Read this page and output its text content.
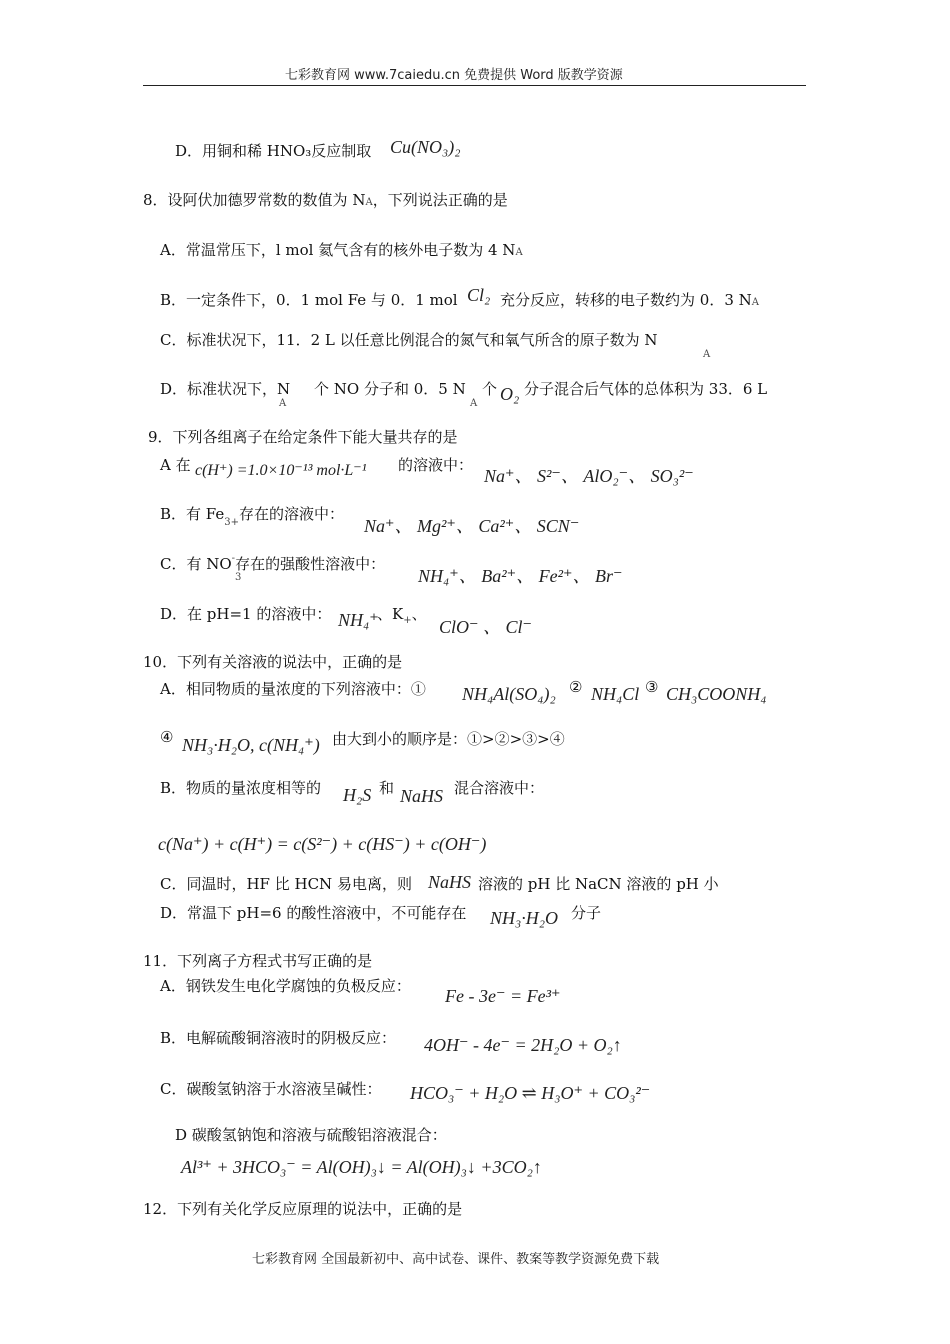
七彩教育网 www.7caiedu.cn 免费提供 Word 版教学资源
D．用铜和稀 HNO₃反应制取 Cu(NO₃)₂
8．设阿伏加德罗常数的数值为 NA，下列说法正确的是
A．常温常压下，l mol 氦气含有的核外电子数为 4 NA
B．一定条件下，0．1 mol Fe 与 0．1 mol Cl₂ 充分反应，转移的电子数约为 0．3 NA
C．标准状况下，11．2 L 以任意比例混合的氮气和氧气所含的原子数为 N
A
D．标准状况下，N
A
个 NO 分子和 0．5 N
A
个 O₂ 分子混合后气体的总体积为 33．6 L
9．下列各组离子在给定条件下能大量共存的是
A 在 c(H⁺) =1.0×10⁻¹³ mol·L⁻¹ 的溶液中：
Na⁺、 S²⁻、 AlO₂⁻、 SO₃²⁻
B．有 $Fe_{3+}$存在的溶液中：
Na⁺、 Mg²⁺、 Ca²⁺、 SCN⁻
C．有 NO-存在的强酸性溶液中：
3	NH₄⁺、 Ba²⁺、 Fe²⁺、 Br⁻
D．在 pH=1 的溶液中： NH₄⁺
、$K_+$、
ClO⁻ 、 Cl⁻
10．下列有关溶液的说法中，正确的是
A．相同物质的量浓度的下列溶液中：① NH₄Al(SO₄)₂ ② NH₄Cl ③ CH₃COONH₄
④ NH₃·H₂O, c(NH₄⁺) 由大到小的顺序是：①>②>③>④
B．物质的量浓度相等的 H₂S 和 NaHS 混合溶液中：
c(Na⁺) + c(H⁺) = c(S²⁻) + c(HS⁻) + c(OH⁻)
C．同温时，HF 比 HCN 易电离，则 NaHS 溶液的 pH 比 NaCN 溶液的 pH 小
D．常温下 pH=6 的酸性溶液中，不可能存在 NH₃·H₂O 分子
11．下列离子方程式书写正确的是
A．钢铁发生电化学腐蚀的负极反应： Fe - 3e⁻ = Fe³⁺
B．电解硫酸铜溶液时的阴极反应： 4OH⁻ - 4e⁻ = 2H₂O + O₂↑
C．碳酸氢钠溶于水溶液呈碱性： HCO₃⁻ + H₂O ⇌ H₃O⁺ + CO₃²⁻
D 碳酸氢钠饱和溶液与硫酸铝溶液混合：
Al³⁺ + 3HCO₃⁻ = Al(OH)₃↓ = Al(OH)₃↓ +3CO₂↑
12．下列有关化学反应原理的说法中，正确的是
七彩教育网 全国最新初中、高中试卷、课件、教案等教学资源免费下载
